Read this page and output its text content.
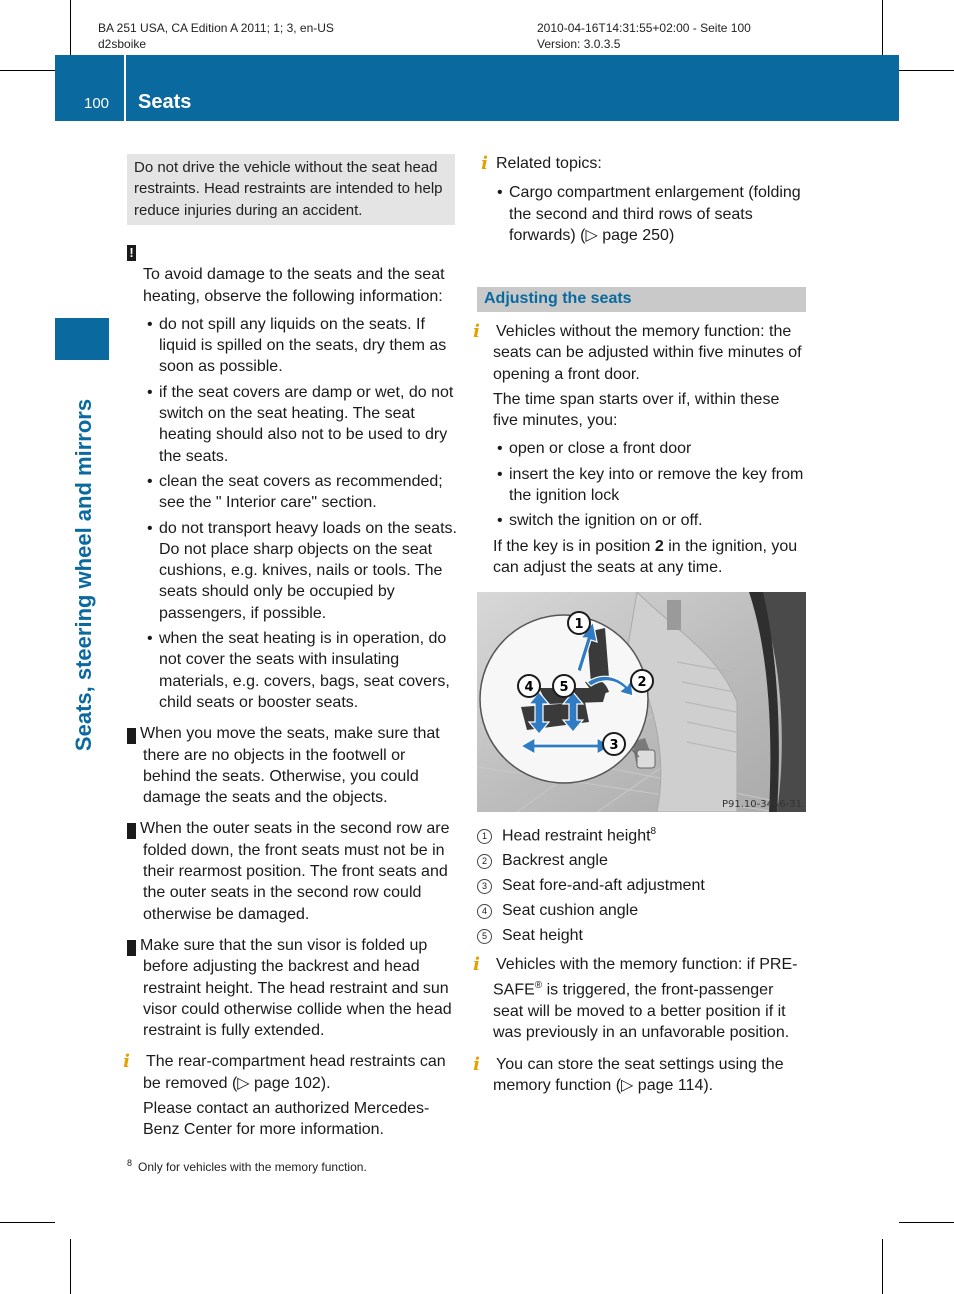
BA 251 USA, CA Edition A 2011; 1; 3, en-US
d2sboike
2010-04-16T14:31:55+02:00 - Seite 100
Version: 3.0.3.5
100 Seats
Seats, steering wheel and mirrors

Do not drive the vehicle without the seat head restraints. Head restraints are intended to help reduce injuries during an accident.

!

To avoid damage to the seats and the seat heating, observe the following information:

• do not spill any liquids on the seats. If liquid is spilled on the seats, dry them as soon as possible.

• if the seat covers are damp or wet, do not switch on the seat heating. The seat heating should also not to be used to dry the seats.

• clean the seat covers as recommended; see the " Interior care" section.

• do not transport heavy loads on the seats. Do not place sharp objects on the seat cushions, e.g. knives, nails or tools. The seats should only be occupied by passengers, if possible.

• when the seat heating is in operation, do not cover the seats with insulating materials, e.g. covers, bags, seat covers, child seats or booster seats.

! When you move the seats, make sure that there are no objects in the footwell or behind the seats. Otherwise, you could damage the seats and the objects.

! When the outer seats in the second row are folded down, the front seats must not be in their rearmost position. The front seats and the outer seats in the second row could otherwise be damaged.

! Make sure that the sun visor is folded up before adjusting the backrest and head restraint height. The head restraint and sun visor could otherwise collide when the head restraint is fully extended.

i The rear-compartment head restraints can be removed (▷ page 102).

Please contact an authorized Mercedes-Benz Center for more information.

i Related topics:

• Cargo compartment enlargement (folding the second and third rows of seats forwards) (▷ page 250)

Adjusting the seats

i Vehicles without the memory function: the seats can be adjusted within five minutes of opening a front door.

The time span starts over if, within these five minutes, you:

• open or close a front door

• insert the key into or remove the key from the ignition lock

• switch the ignition on or off.

If the key is in position 2 in the ignition, you can adjust the seats at any time.

1
2
3
4 5
P91.10-3446-31
1 Head restraint height$^8$
2 Backrest angle
3 Seat fore-and-aft adjustment
4 Seat cushion angle
5 Seat height

i Vehicles with the memory function: if PRE-SAFE® is triggered, the front-passenger seat will be moved to a better position if it was previously in an unfavorable position.

i You can store the seat settings using the memory function (▷ page 114).

$^8$ Only for vehicles with the memory function.
